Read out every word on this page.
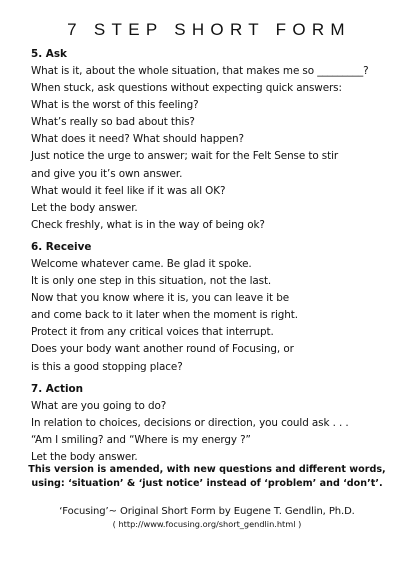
7 STEP SHORT FORM
5. Ask
What is it, about the whole situation, that makes me so _________?
When stuck, ask questions without expecting quick answers:
What is the worst of this feeling?
What’s really so bad about this?
What does it need? What should happen?
Just notice the urge to answer; wait for the Felt Sense to stir
and give you it’s own answer.
What would it feel like if it was all OK?
Let the body answer.
Check freshly, what is in the way of being ok?
6. Receive
Welcome whatever came. Be glad it spoke.
It is only one step in this situation, not the last.
Now that you know where it is, you can leave it be
and come back to it later when the moment is right.
Protect it from any critical voices that interrupt.
Does your body want another round of Focusing, or
is this a good stopping place?
7. Action
What are you going to do?
In relation to choices, decisions or direction, you could ask . . .
“Am I smiling? and “Where is my energy ?”
Let the body answer.
This version is amended, with new questions and different words,
using: ‘situation’ & ‘just notice’ instead of ‘problem’ and ‘don’t’.
‘Focusing’~ Original Short Form by Eugene T. Gendlin, Ph.D.
( http://www.focusing.org/short_gendlin.html )
